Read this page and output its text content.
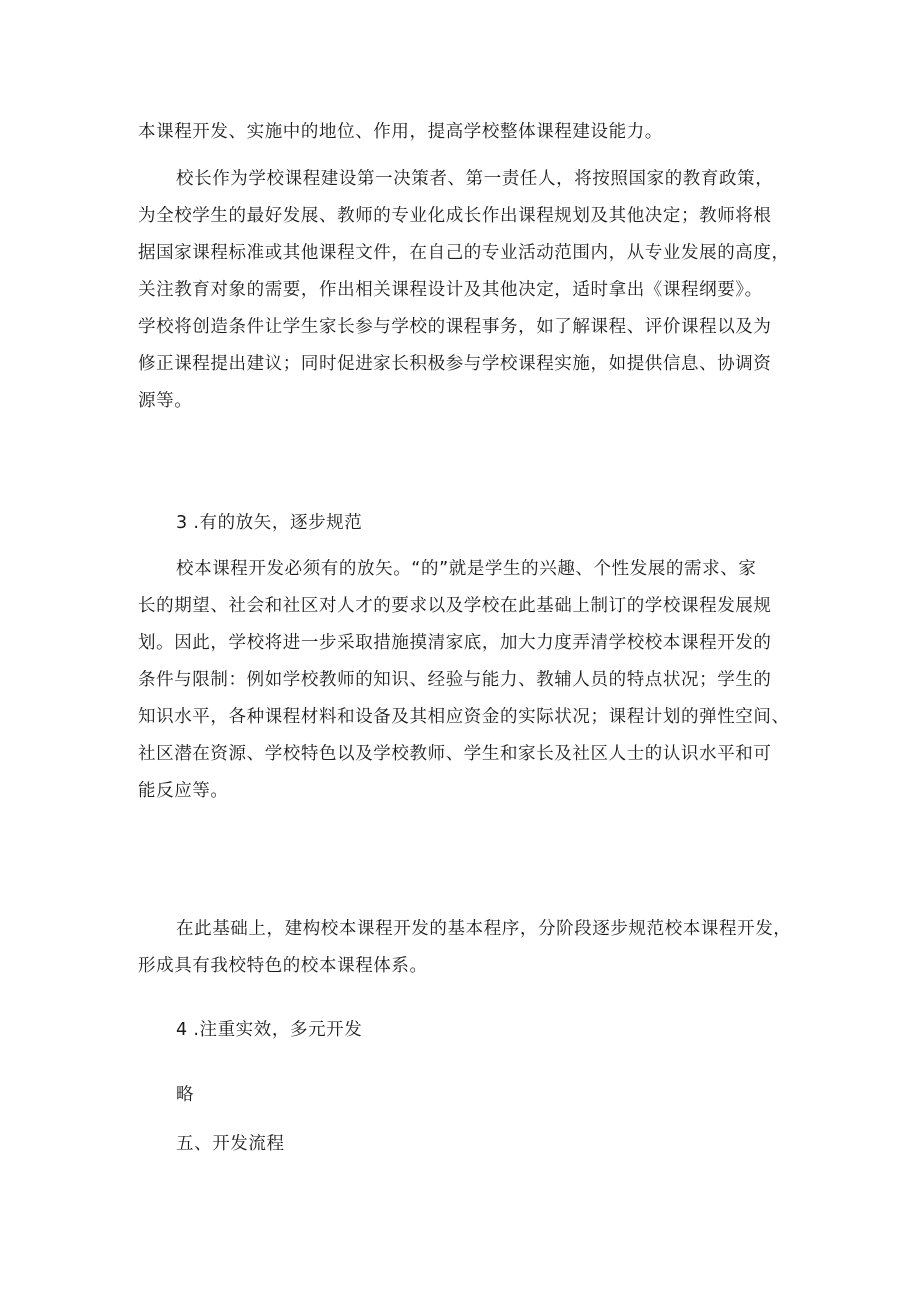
本课程开发、实施中的地位、作用，提高学校整体课程建设能力。
校长作为学校课程建设第一决策者、第一责任人，将按照国家的教育政策，
为全校学生的最好发展、教师的专业化成长作出课程规划及其他决定；教师将根
据国家课程标准或其他课程文件，在自己的专业活动范围内，从专业发展的高度，
关注教育对象的需要，作出相关课程设计及其他决定，适时拿出《课程纲要》。
学校将创造条件让学生家长参与学校的课程事务，如了解课程、评价课程以及为
修正课程提出建议；同时促进家长积极参与学校课程实施，如提供信息、协调资
源等。
3 .有的放矢，逐步规范
校本课程开发必须有的放矢。“的”就是学生的兴趣、个性发展的需求、家
长的期望、社会和社区对人才的要求以及学校在此基础上制订的学校课程发展规
划。因此，学校将进一步采取措施摸清家底，加大力度弄清学校校本课程开发的
条件与限制：例如学校教师的知识、经验与能力、教辅人员的特点状况；学生的
知识水平，各种课程材料和设备及其相应资金的实际状况；课程计划的弹性空间、
社区潜在资源、学校特色以及学校教师、学生和家长及社区人士的认识水平和可
能反应等。
在此基础上，建构校本课程开发的基本程序，分阶段逐步规范校本课程开发，
形成具有我校特色的校本课程体系。
4 .注重实效，多元开发
略
五、开发流程
